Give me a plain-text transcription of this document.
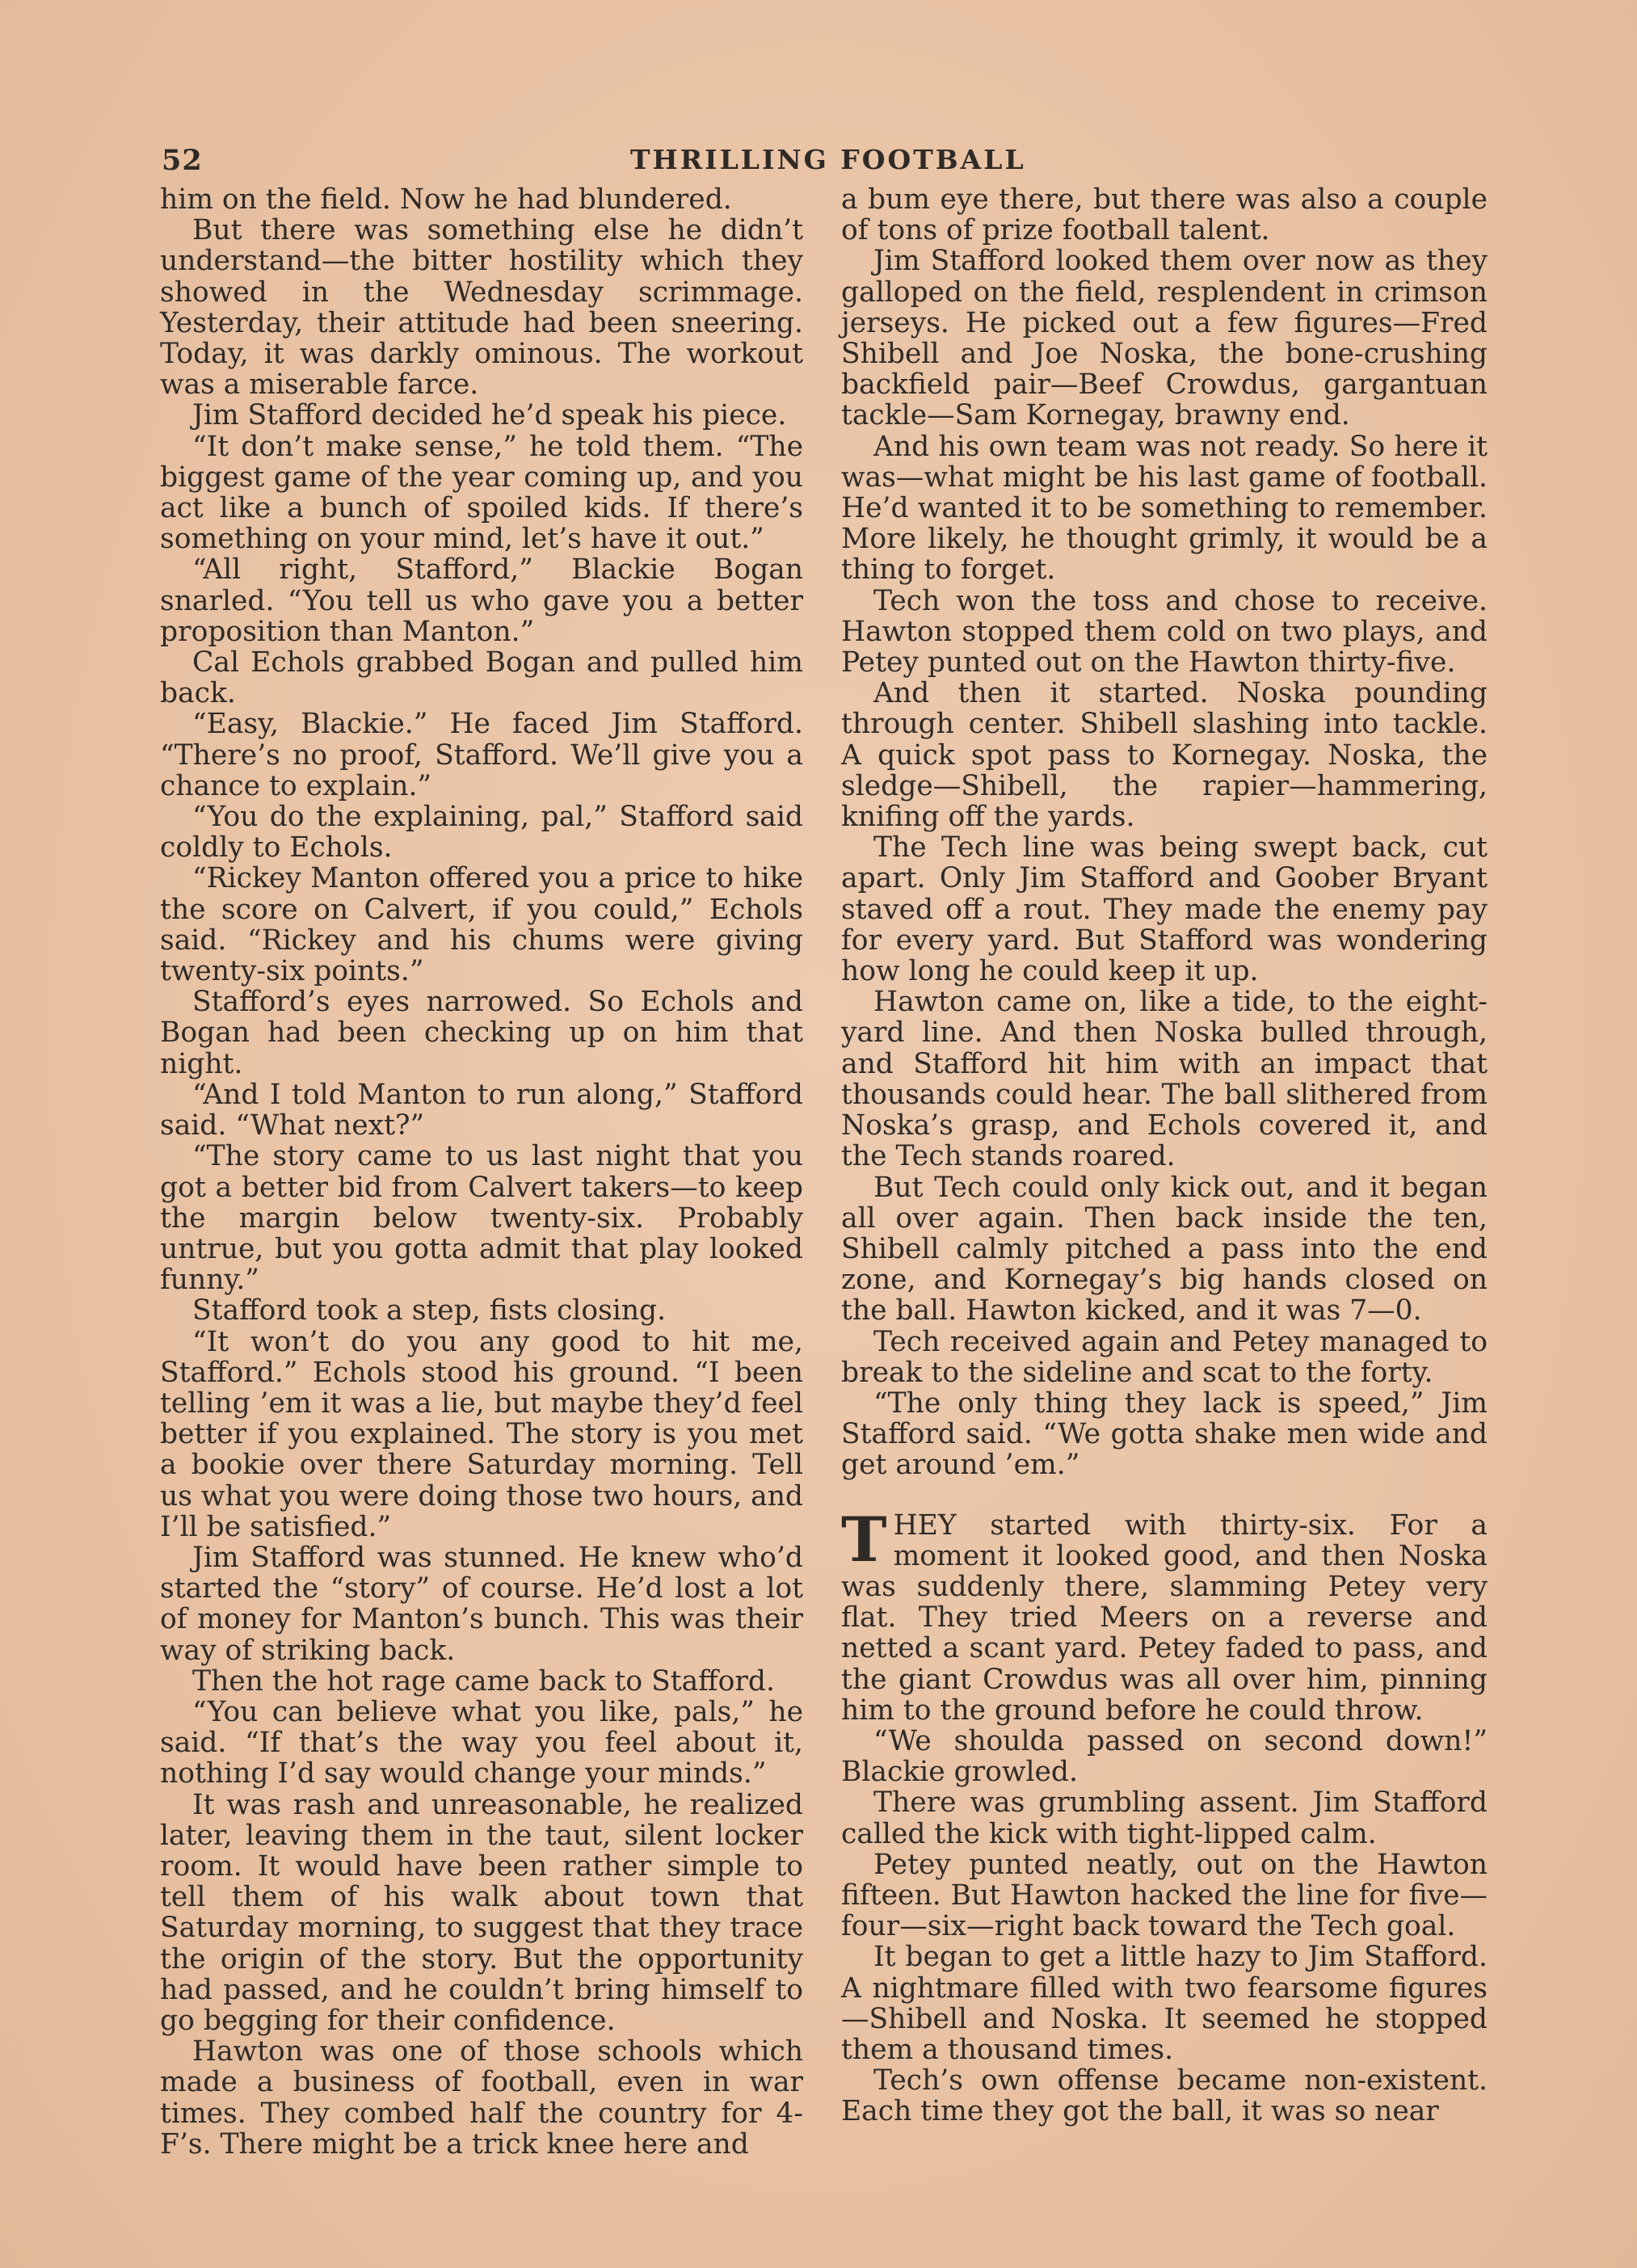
52	THRILLING FOOTBALL

him on the field. Now he had blundered.

But there was something else he didn’t understand—the bitter hostility which they showed in the Wednesday scrimmage. Yesterday, their attitude had been sneering. Today, it was darkly ominous. The workout was a miserable farce.

Jim Stafford decided he’d speak his piece.

“It don’t make sense,” he told them. “The biggest game of the year coming up, and you act like a bunch of spoiled kids. If there’s something on your mind, let’s have it out.”

“All right, Stafford,” Blackie Bogan snarled. “You tell us who gave you a better proposition than Manton.”

Cal Echols grabbed Bogan and pulled him back.

“Easy, Blackie.” He faced Jim Stafford. “There’s no proof, Stafford. We’ll give you a chance to explain.”

“You do the explaining, pal,” Stafford said coldly to Echols.

“Rickey Manton offered you a price to hike the score on Calvert, if you could,” Echols said. “Rickey and his chums were giving twenty-six points.”

Stafford’s eyes narrowed. So Echols and Bogan had been checking up on him that night.

“And I told Manton to run along,” Stafford said. “What next?”

“The story came to us last night that you got a better bid from Calvert takers—to keep the margin below twenty-six. Probably untrue, but you gotta admit that play looked funny.”

Stafford took a step, fists closing.

“It won’t do you any good to hit me, Stafford.” Echols stood his ground. “I been telling ’em it was a lie, but maybe they’d feel better if you explained. The story is you met a bookie over there Saturday morning. Tell us what you were doing those two hours, and I’ll be satisfied.”

Jim Stafford was stunned. He knew who’d started the “story” of course. He’d lost a lot of money for Manton’s bunch. This was their way of striking back.

Then the hot rage came back to Stafford.

“You can believe what you like, pals,” he said. “If that’s the way you feel about it, nothing I’d say would change your minds.”

It was rash and unreasonable, he realized later, leaving them in the taut, silent locker room. It would have been rather simple to tell them of his walk about town that Saturday morning, to suggest that they trace the origin of the story. But the opportunity had passed, and he couldn’t bring himself to go begging for their confidence.

Hawton was one of those schools which made a business of football, even in war times. They combed half the country for 4-F’s. There might be a trick knee here and

a bum eye there, but there was also a couple of tons of prize football talent.

Jim Stafford looked them over now as they galloped on the field, resplendent in crimson jerseys. He picked out a few figures—Fred Shibell and Joe Noska, the bone-crushing backfield pair—Beef Crowdus, gargantuan tackle—Sam Kornegay, brawny end.

And his own team was not ready. So here it was—what might be his last game of football. He’d wanted it to be something to remember. More likely, he thought grimly, it would be a thing to forget.

Tech won the toss and chose to receive. Hawton stopped them cold on two plays, and Petey punted out on the Hawton thirty-five.

And then it started. Noska pounding through center. Shibell slashing into tackle. A quick spot pass to Kornegay. Noska, the sledge—Shibell, the rapier—hammering, knifing off the yards.

The Tech line was being swept back, cut apart. Only Jim Stafford and Goober Bryant staved off a rout. They made the enemy pay for every yard. But Stafford was wondering how long he could keep it up.

Hawton came on, like a tide, to the eight-yard line. And then Noska bulled through, and Stafford hit him with an impact that thousands could hear. The ball slithered from Noska’s grasp, and Echols covered it, and the Tech stands roared.

But Tech could only kick out, and it began all over again. Then back inside the ten, Shibell calmly pitched a pass into the end zone, and Kornegay’s big hands closed on the ball. Hawton kicked, and it was 7—0.

Tech received again and Petey managed to break to the sideline and scat to the forty.

“The only thing they lack is speed,” Jim Stafford said. “We gotta shake men wide and get around ’em.”

THEY started with thirty-six. For a moment it looked good, and then Noska was suddenly there, slamming Petey very flat. They tried Meers on a reverse and netted a scant yard. Petey faded to pass, and the giant Crowdus was all over him, pinning him to the ground before he could throw.

“We shoulda passed on second down!” Blackie growled.

There was grumbling assent. Jim Stafford called the kick with tight-lipped calm.

Petey punted neatly, out on the Hawton fifteen. But Hawton hacked the line for five—four—six—right back toward the Tech goal.

It began to get a little hazy to Jim Stafford. A nightmare filled with two fearsome figures—Shibell and Noska. It seemed he stopped them a thousand times.

Tech’s own offense became non-existent. Each time they got the ball, it was so near
